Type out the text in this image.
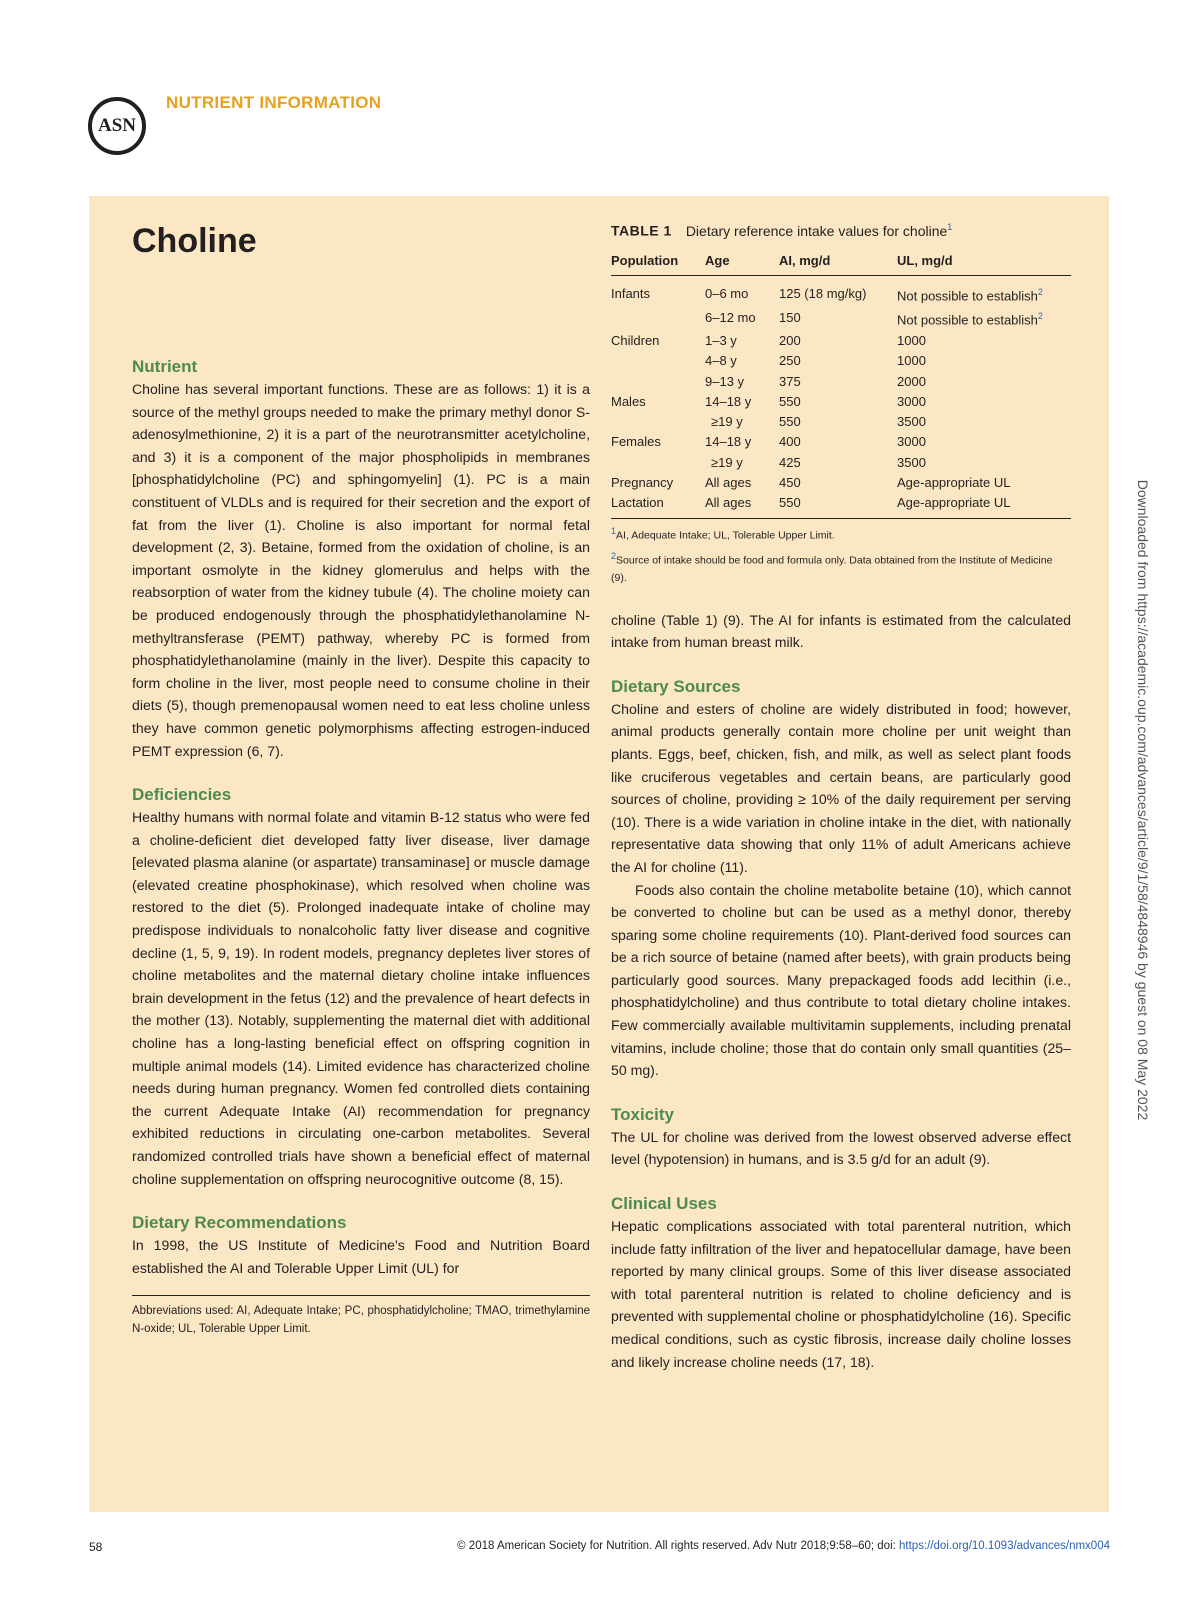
ASN
NUTRIENT INFORMATION
Choline
Nutrient

Choline has several important functions. These are as follows: 1) it is a source of the methyl groups needed to make the primary methyl donor S-adenosylmethionine, 2) it is a part of the neurotransmitter acetylcholine, and 3) it is a component of the major phospholipids in membranes [phosphatidylcholine (PC) and sphingomyelin] (1). PC is a main constituent of VLDLs and is required for their secretion and the export of fat from the liver (1). Choline is also important for normal fetal development (2, 3). Betaine, formed from the oxidation of choline, is an important osmolyte in the kidney glomerulus and helps with the reabsorption of water from the kidney tubule (4). The choline moiety can be produced endogenously through the phosphatidylethanolamine N-methyltransferase (PEMT) pathway, whereby PC is formed from phosphatidylethanolamine (mainly in the liver). Despite this capacity to form choline in the liver, most people need to consume choline in their diets (5), though premenopausal women need to eat less choline unless they have common genetic polymorphisms affecting estrogen-induced PEMT expression (6, 7).

Deficiencies

Healthy humans with normal folate and vitamin B-12 status who were fed a choline-deficient diet developed fatty liver disease, liver damage [elevated plasma alanine (or aspartate) transaminase] or muscle damage (elevated creatine phosphokinase), which resolved when choline was restored to the diet (5). Prolonged inadequate intake of choline may predispose individuals to nonalcoholic fatty liver disease and cognitive decline (1, 5, 9, 19). In rodent models, pregnancy depletes liver stores of choline metabolites and the maternal dietary choline intake influences brain development in the fetus (12) and the prevalence of heart defects in the mother (13). Notably, supplementing the maternal diet with additional choline has a long-lasting beneficial effect on offspring cognition in multiple animal models (14). Limited evidence has characterized choline needs during human pregnancy. Women fed controlled diets containing the current Adequate Intake (AI) recommendation for pregnancy exhibited reductions in circulating one-carbon metabolites. Several randomized controlled trials have shown a beneficial effect of maternal choline supplementation on offspring neurocognitive outcome (8, 15).

Dietary Recommendations

In 1998, the US Institute of Medicine's Food and Nutrition Board established the AI and Tolerable Upper Limit (UL) for

Abbreviations used: AI, Adequate Intake; PC, phosphatidylcholine; TMAO, trimethylamine N-oxide; UL, Tolerable Upper Limit.

TABLE 1 Dietary reference intake values for choline$^1$

Population	Age	AI, mg/d	UL, mg/d
Infants	0–6 mo	125 (18 mg/kg)	Not possible to establish$^2$
	6–12 mo	150	Not possible to establish$^2$
Children	1–3 y	200	1000
	4–8 y	250	1000
	9–13 y	375	2000
Males	14–18 y	550	3000
	≥19 y	550	3500
Females	14–18 y	400	3000
	≥19 y	425	3500
Pregnancy	All ages	450	Age-appropriate UL
Lactation	All ages	550	Age-appropriate UL

$^1$AI, Adequate Intake; UL, Tolerable Upper Limit.

$^2$Source of intake should be food and formula only. Data obtained from the Institute of Medicine (9).

choline (Table 1) (9). The AI for infants is estimated from the calculated intake from human breast milk.

Dietary Sources

Choline and esters of choline are widely distributed in food; however, animal products generally contain more choline per unit weight than plants. Eggs, beef, chicken, fish, and milk, as well as select plant foods like cruciferous vegetables and certain beans, are particularly good sources of choline, providing ≥ 10% of the daily requirement per serving (10). There is a wide variation in choline intake in the diet, with nationally representative data showing that only 11% of adult Americans achieve the AI for choline (11).

Foods also contain the choline metabolite betaine (10), which cannot be converted to choline but can be used as a methyl donor, thereby sparing some choline requirements (10). Plant-derived food sources can be a rich source of betaine (named after beets), with grain products being particularly good sources. Many prepackaged foods add lecithin (i.e., phosphatidylcholine) and thus contribute to total dietary choline intakes. Few commercially available multivitamin supplements, including prenatal vitamins, include choline; those that do contain only small quantities (25–50 mg).

Toxicity

The UL for choline was derived from the lowest observed adverse effect level (hypotension) in humans, and is 3.5 g/d for an adult (9).

Clinical Uses

Hepatic complications associated with total parenteral nutrition, which include fatty infiltration of the liver and hepatocellular damage, have been reported by many clinical groups. Some of this liver disease associated with total parenteral nutrition is related to choline deficiency and is prevented with supplemental choline or phosphatidylcholine (16). Specific medical conditions, such as cystic fibrosis, increase daily choline losses and likely increase choline needs (17, 18).

Downloaded from https://academic.oup.com/advances/article/9/1/58/4848946 by guest on 08 May 2022
58	© 2018 American Society for Nutrition. All rights reserved. Adv Nutr 2018;9:58–60; doi: https://doi.org/10.1093/advances/nmx004
